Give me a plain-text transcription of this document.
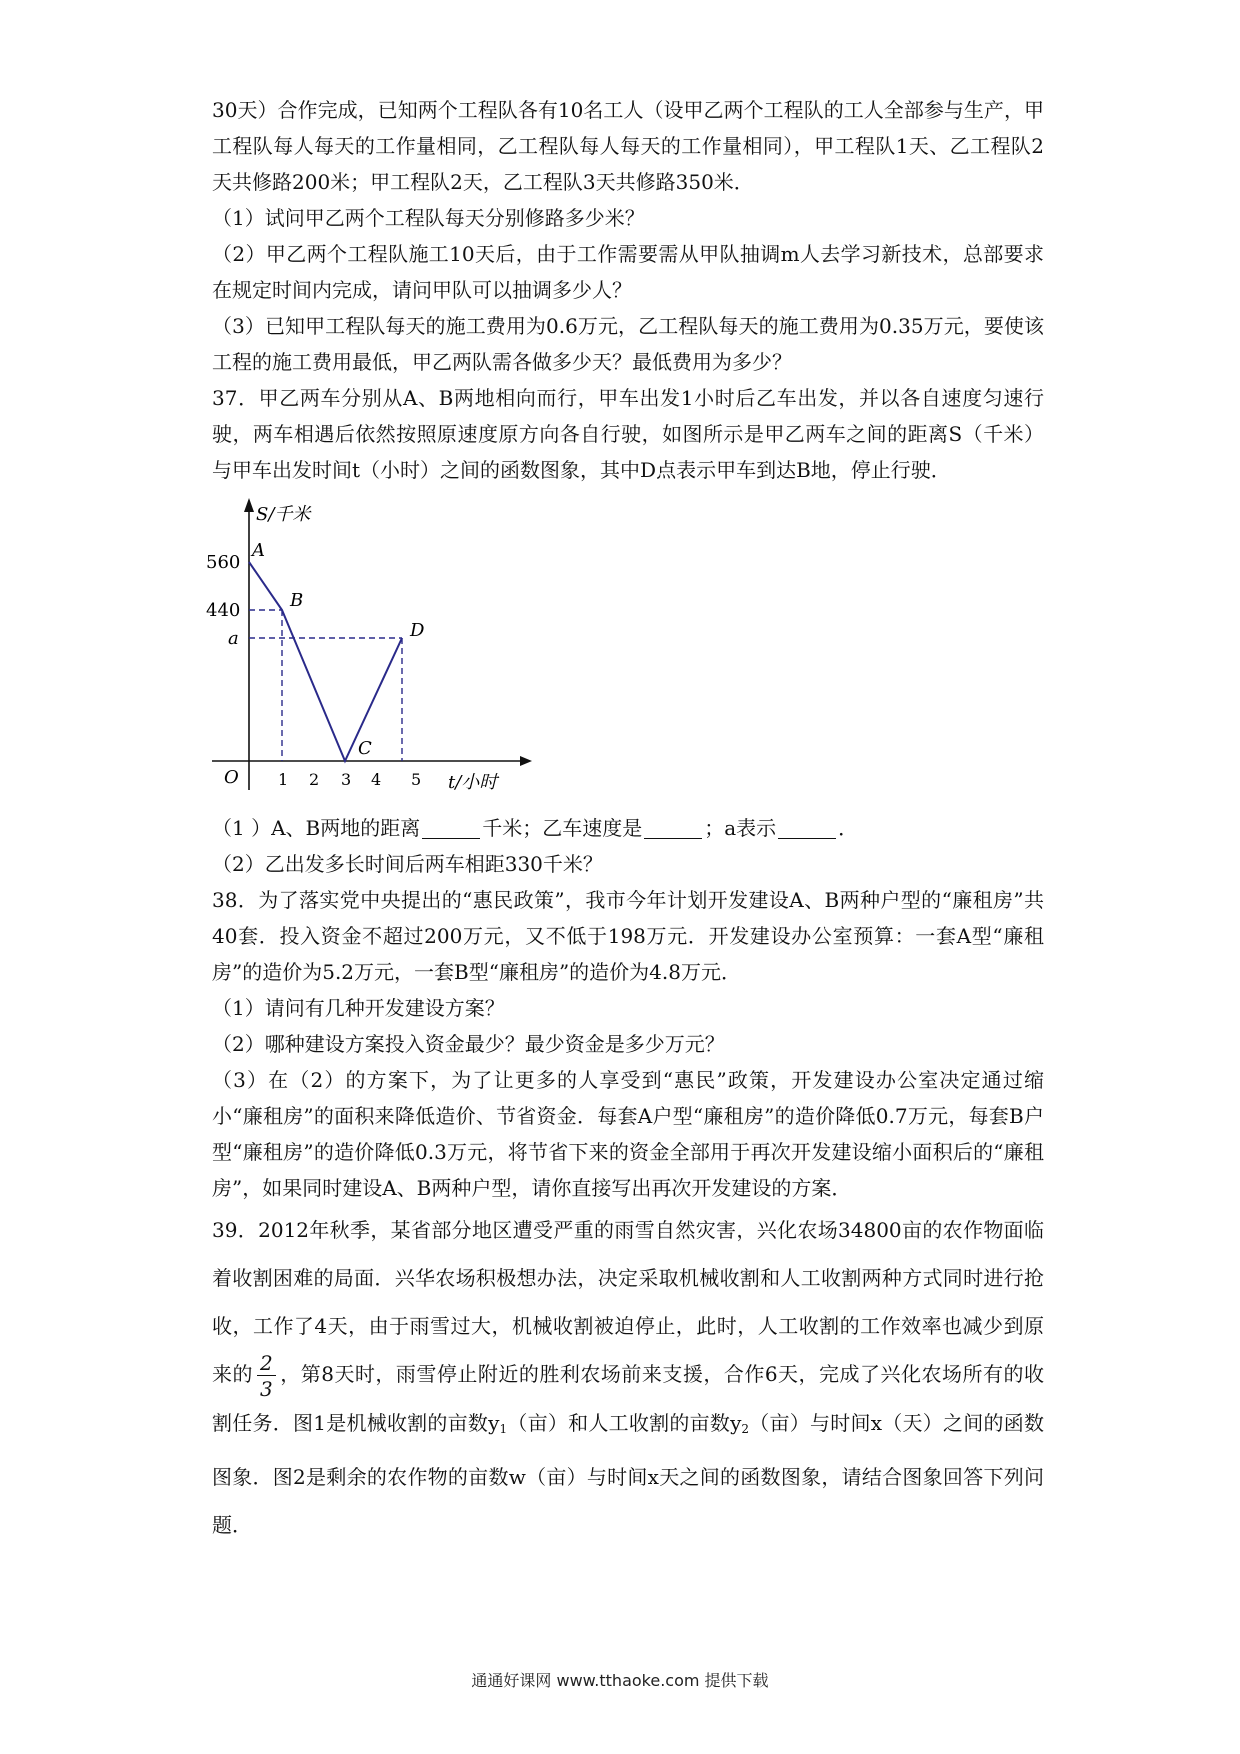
30天）合作完成，已知两个工程队各有10名工人（设甲乙两个工程队的工人全部参与生产，甲工程队每人每天的工作量相同，乙工程队每人每天的工作量相同），甲工程队1天、乙工程队2天共修路200米；甲工程队2天，乙工程队3天共修路350米．

（1）试问甲乙两个工程队每天分别修路多少米？

（2）甲乙两个工程队施工10天后，由于工作需要需从甲队抽调m人去学习新技术，总部要求在规定时间内完成，请问甲队可以抽调多少人？

（3）已知甲工程队每天的施工费用为0.6万元，乙工程队每天的施工费用为0.35万元，要使该工程的施工费用最低，甲乙两队需各做多少天？最低费用为多少？

37．甲乙两车分别从A、B两地相向而行，甲车出发1小时后乙车出发，并以各自速度匀速行驶，两车相遇后依然按照原速度原方向各自行驶，如图所示是甲乙两车之间的距离S（千米）与甲车出发时间t（小时）之间的函数图象，其中D点表示甲车到达B地，停止行驶．

560
440
a
1 2 3 4 5
O
S/千米
t/小时
A
B
C
D

（1 ）A、B两地的距离	千米；乙车速度是	；a表示	．

（2）乙出发多长时间后两车相距330千米？

38．为了落实党中央提出的“惠民政策”，我市今年计划开发建设A、B两种户型的“廉租房”共40套．投入资金不超过200万元，又不低于198万元．开发建设办公室预算：一套A型“廉租房”的造价为5.2万元，一套B型“廉租房”的造价为4.8万元．

（1）请问有几种开发建设方案？

（2）哪种建设方案投入资金最少？最少资金是多少万元？

（3）在（2）的方案下，为了让更多的人享受到“惠民”政策，开发建设办公室决定通过缩小“廉租房”的面积来降低造价、节省资金．每套A户型“廉租房”的造价降低0.7万元，每套B户型“廉租房”的造价降低0.3万元，将节省下来的资金全部用于再次开发建设缩小面积后的“廉租房”，如果同时建设A、B两种户型，请你直接写出再次开发建设的方案．

39．2012年秋季，某省部分地区遭受严重的雨雪自然灾害，兴化农场34800亩的农作物面临着收割困难的局面．兴华农场积极想办法，决定采取机械收割和人工收割两种方式同时进行抢收，工作了4天，由于雨雪过大，机械收割被迫停止，此时，人工收割的工作效率也减少到原来的 $\frac{2}{3}$ ，第8天时，雨雪停止附近的胜利农场前来支援，合作6天，完成了兴化农场所有的收割任务．图1是机械收割的亩数y1（亩）和人工收割的亩数y2（亩）与时间x（天）之间的函数图象．图2是剩余的农作物的亩数w（亩）与时间x天之间的函数图象，请结合图象回答下列问题．

通通好课网 www.tthaoke.com 提供下载
